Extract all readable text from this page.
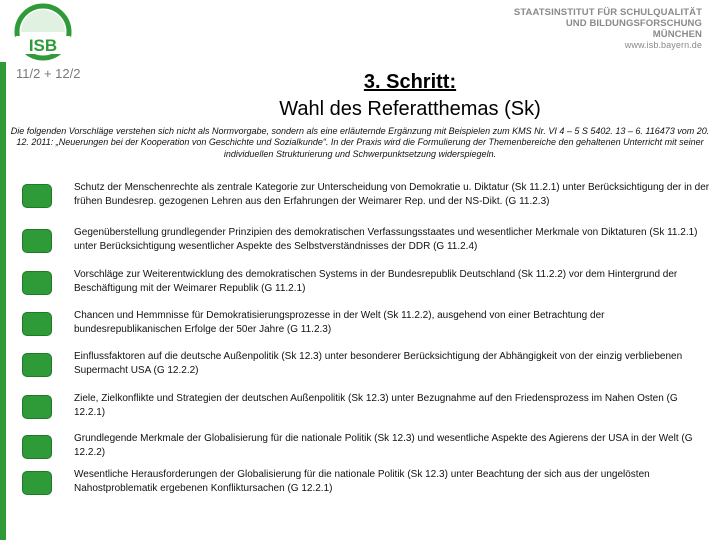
ISB
STAATSINSTITUT FÜR SCHULQUALITÄT
UND BILDUNGSFORSCHUNG
MÜNCHEN
www.isb.bayern.de
11/2 + 12/2	3. Schritt:
Wahl des Referatthemas (Sk)
Die folgenden Vorschläge verstehen sich nicht als Normvorgabe, sondern als eine erläuternde Ergänzung mit Beispielen zum KMS Nr. VI 4 – 5 S 5402. 13 – 6. 116473 vom 20. 12. 2011: „Neuerungen bei der Kooperation von Geschichte und Sozialkunde“. In der Praxis wird die Formulierung der Themenbereiche den gehaltenen Unterricht mit seiner individuellen Strukturierung und Schwerpunktsetzung widerspiegeln.
Schutz der Menschenrechte als zentrale Kategorie zur Unterscheidung von Demokratie u. Diktatur (Sk 11.2.1) unter Berücksichtigung der in der frühen Bundesrep. gezogenen Lehren aus den Erfahrungen der Weimarer Rep. und der NS-Dikt. (G 11.2.3)
Gegenüberstellung grundlegender Prinzipien des demokratischen Verfassungsstaates und wesentlicher Merkmale von Diktaturen (Sk 11.2.1) unter Berücksichtigung wesentlicher Aspekte des Selbstverständnisses der DDR (G 11.2.4)
Vorschläge zur Weiterentwicklung des demokratischen Systems in der Bundesrepublik Deutschland (Sk 11.2.2) vor dem Hintergrund der Beschäftigung mit der Weimarer Republik (G 11.2.1)
Chancen und Hemmnisse für Demokratisierungsprozesse in der Welt (Sk 11.2.2), ausgehend von einer Betrachtung der bundesrepublikanischen Erfolge der 50er Jahre (G 11.2.3)
Einflussfaktoren auf die deutsche Außenpolitik (Sk 12.3) unter besonderer Berücksichtigung der Abhängigkeit von der einzig verbliebenen Supermacht USA (G 12.2.2)
Ziele, Zielkonflikte und Strategien der deutschen Außenpolitik (Sk 12.3) unter Bezugnahme auf den Friedensprozess im Nahen Osten (G 12.2.1)
Grundlegende Merkmale der Globalisierung für die nationale Politik (Sk 12.3) und wesentliche Aspekte des Agierens der USA in der Welt (G 12.2.2)
Wesentliche Herausforderungen der Globalisierung für die nationale Politik (Sk 12.3) unter Beachtung der sich aus der ungelösten Nahostproblematik ergebenen Konfliktursachen (G 12.2.1)
